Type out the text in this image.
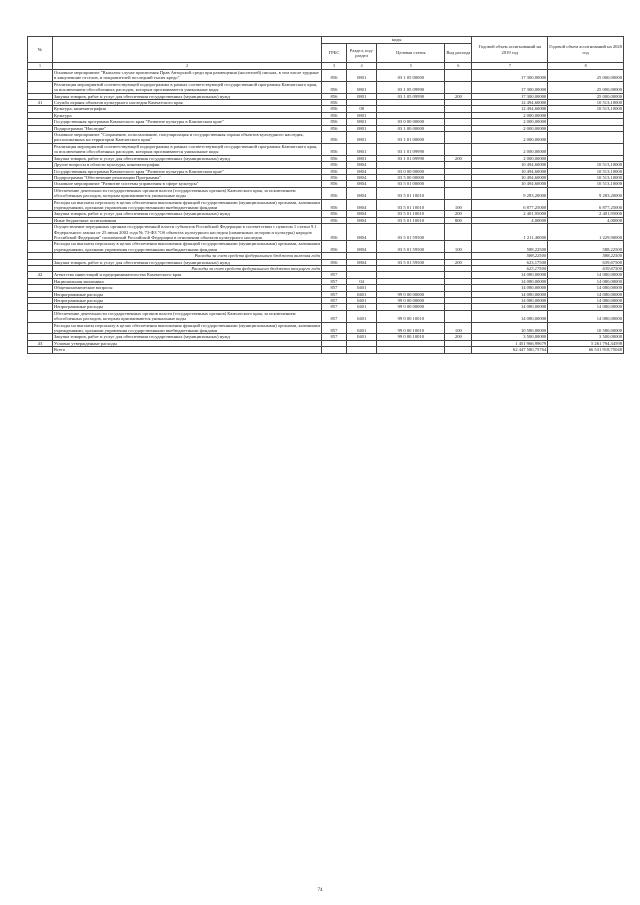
№		коды				Годовой объем ассигнований на 2019 год	Годовой объем ассигнований на 2020 год
		ГРБС	Раздел, под-раздел	Целевая статья	Вид расхода		
1	2	3	4	5	6	7	8
	Основное мероприятие "Выплаты случае присвоения Прав Авторской среди при размещения (носителей) письма, в том числе трудные и кинулевшие отселов, и покровителей последний тысяч кредо"	856	0801	03 1 05 00000		17 300,00000	25 000,00000
	Реализация мероприятий соответствующей подпрограммы в рамках соответствующей государственной программы Камчатского края, за исключением обособленных расходов, которым присваиваются уникальные коды	856	0801	03 1 05 09990		17 300,00000	25 000,00000
	Закупка товаров, работ и услуг для обеспечения государственных (муниципальных) нужд	856	0801	03 1 05 09990	200	17 300,00000	25 000,00000
41	Служба охраны объектов культурного наследия Камчатского края	856				12 494,60000	10 513,10000
	Культура, кинематография	856	08			12 494,60000	10 513,10000
	Культура	856	0801			2 000,00000	
	Государственная программа Камчатского края "Развитие культуры в Камчатском крае"	856	0801	03 0 00 00000		2 000,00000	
	Подпрограмма "Наследие"	856	0801	03 1 00 00000		2 000,00000	
	Основное мероприятие "Сохранение, использование, популяризация и государственная охрана объектов культурного наследия, расположенных на территории Камчатского края"	856	0801	03 1 01 00000		2 000,00000	
	Реализация мероприятий соответствующей подпрограммы в рамках соответствующей государственной программы Камчатского края, за исключением обособленных расходов, которым присваиваются уникальные коды	856	0801	03 1 01 09990		2 000,00000	
	Закупка товаров, работ и услуг для обеспечения государственных (муниципальных) нужд	856	0801	03 1 01 09990	200	2 000,00000	
	Другие вопросы в области культуры, кинематографии	856	0804			10 494,60000	10 513,10000
	Государственная программа Камчатского края "Развитие культуры в Камчатском крае"	856	0804	03 0 00 00000		10 494,60000	10 513,10000
	Подпрограмма "Обеспечение реализации Программы"	856	0804	03 5 00 00000		10 494,60000	10 513,10000
	Основное мероприятие "Развитие системы управления в сфере культуры"	856	0804	03 5 01 00000		10 494,60000	10 513,10000
	Обеспечение деятельности государственных органов власти (государственных органов) Камчатского края, за исключением обособленных расходов, которым присваиваются уникальные коды	856	0804	03 5 01 10010		9 283,20000	9 283,20000
	Расходы на выплаты персоналу в целях обеспечения выполнения функций государственными (муниципальными) органами, казенными учреждениями, органами управления государственными внебюджетными фондами	856	0804	03 5 01 10010	100	6 877,25000	6 877,25000
	Закупка товаров, работ и услуг для обеспечения государственных (муниципальных) нужд	856	0804	03 5 01 10010	200	2 401,95000	2 401,95000
	Иные бюджетные ассигнования	856	0804	03 5 01 10010	800	4,00000	4,00000
	Осуществление переданных органам государственной власти субъектов Российской Федерации в соответствии с пунктом 1 статьи 9.1 Федерального закона от 25 июня 2002 года № 73-ФЗ "Об объектах культурного наследия (памятниках истории и культуры) народов Российской Федерации" полномочий Российской Федерации в отношении объектов культурного наследия	856	0804	03 5 01 59500		1 211,40000	1 229,90000
	Расходы на выплаты персоналу в целях обеспечения выполнения функций государственными (муниципальными) органами, казенными учреждениями, органами управления государственными внебюджетными фондами	856	0804	03 5 01 59500	100	588,22500	588,22500
	Расходы за счет средств федерального бюджета включая года					588,22500	588,22500
	Закупка товаров, работ и услуг для обеспечения государственных (муниципальных) нужд	856	0804	03 5 01 59500	200	623,17500	639,67500
	Расходы за счет средств федерального бюджета текущего года					623,17500	639,67500
42	Агентство инвестиций и предпринимательства Камчатского края	857				14 080,00000	14 080,00000
	Национальная экономика	857	04			14 080,00000	14 080,00000
	Общеэкономические вопросы	857	0401			14 080,00000	14 080,00000
	Непрограммные расходы	857	0401	99 0 00 00000		14 080,00000	14 080,00000
	Непрограммные расходы	857	0401	99 0 00 00000		14 080,00000	14 080,00000
	Непрограммные расходы	857	0401	99 0 00 00000		14 080,00000	14 080,00000
	Обеспечение деятельности государственных органов власти (государственных органов) Камчатского края, за исключением обособленных расходов, которым присваиваются уникальные коды	857	0401	99 0 00 10010		14 080,00000	14 080,00000
	Расходы на выплаты персоналу в целях обеспечения выполнения функций государственными (муниципальными) органами, казенными учреждениями, органами управления государственными внебюджетными фондами	857	0401	99 0 00 10010	100	10 580,00000	10 580,00000
	Закупка товаров, работ и услуг для обеспечения государственных (муниципальных) нужд	857	0401	99 0 00 10010	200	3 500,00000	3 500,00000
43	Условно утвержденные расходы					1 451 966,99679	5 261 794,34598
	Всего					62 447 580,75764	66 531 918,75048
74
